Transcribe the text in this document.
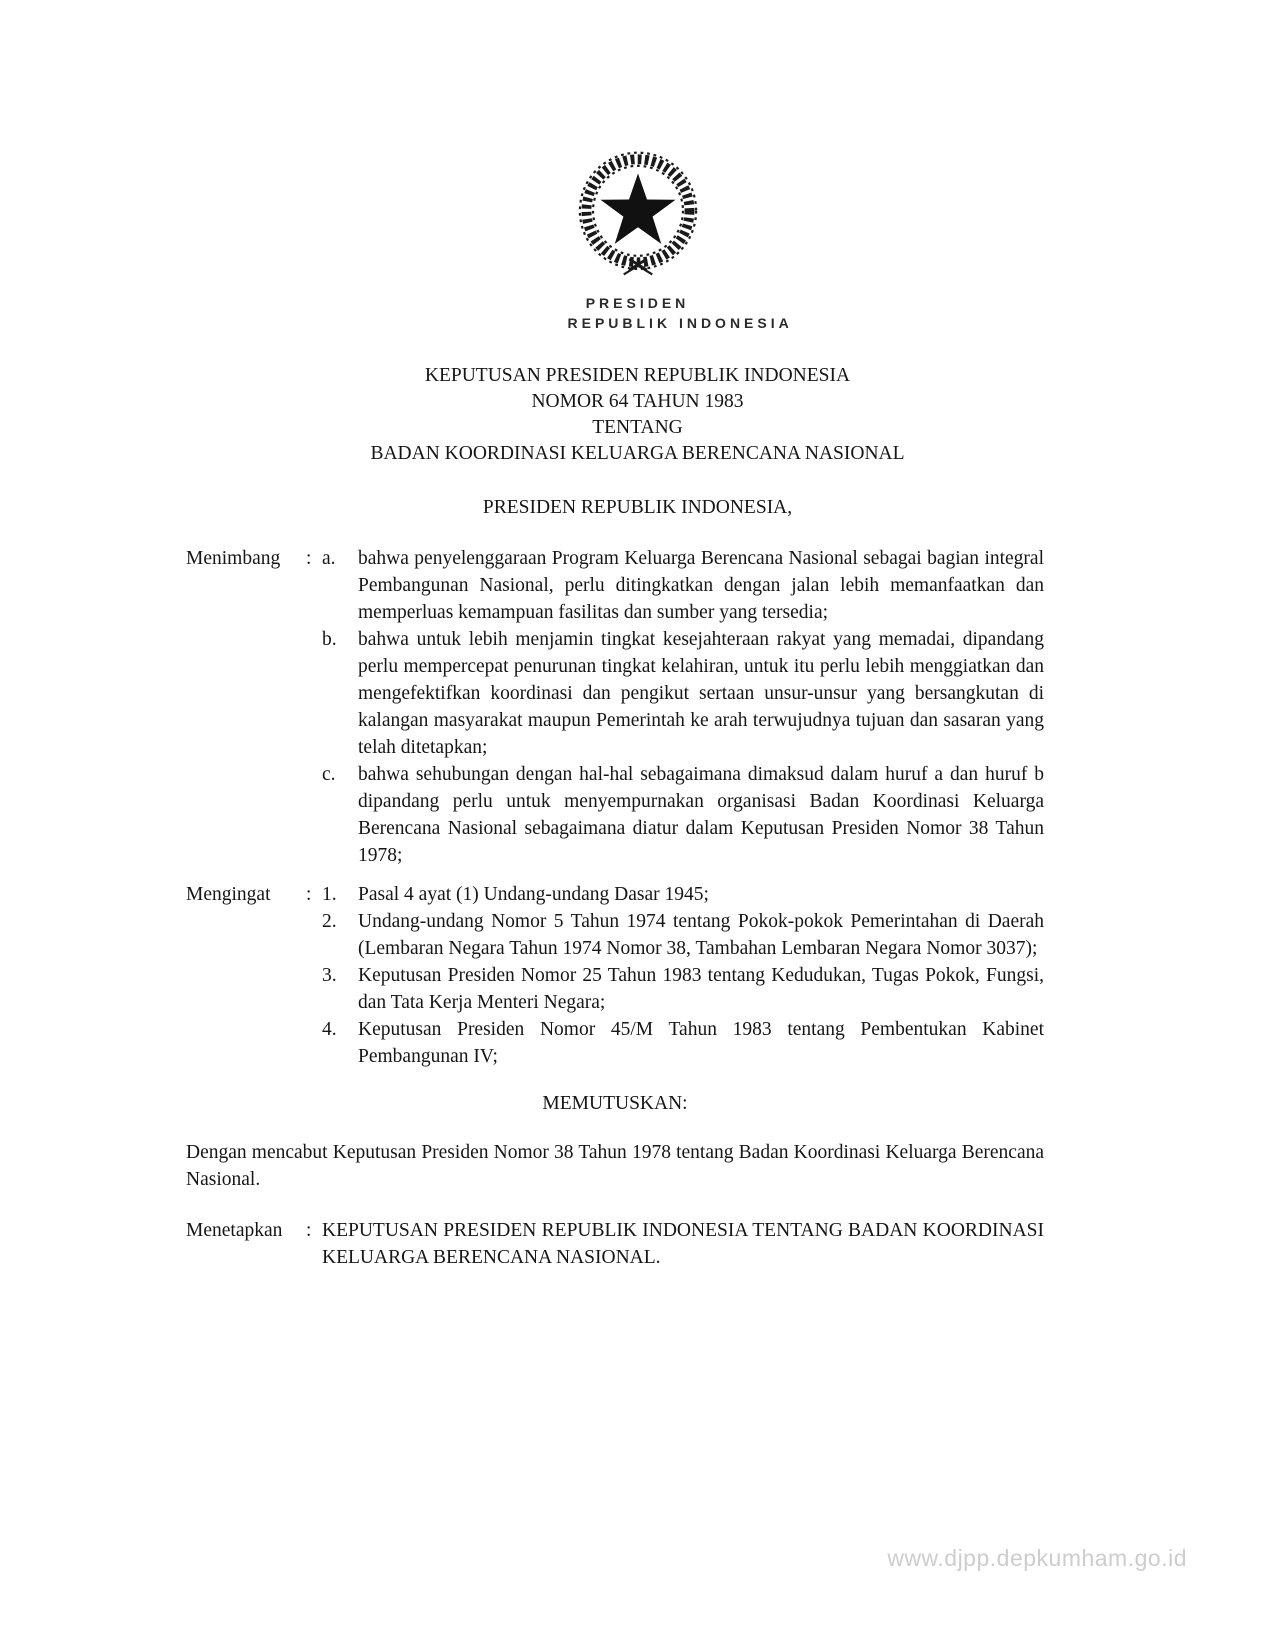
PRESIDEN
REPUBLIK INDONESIA
KEPUTUSAN PRESIDEN REPUBLIK INDONESIA
NOMOR 64 TAHUN 1983
TENTANG
BADAN KOORDINASI KELUARGA BERENCANA NASIONAL
PRESIDEN REPUBLIK INDONESIA,
Menimbang	: a.	bahwa penyelenggaraan Program Keluarga Berencana Nasional sebagai bagian integral Pembangunan Nasional, perlu ditingkatkan dengan jalan lebih memanfaatkan dan memperluas kemampuan fasilitas dan sumber yang tersedia;
b.	bahwa untuk lebih menjamin tingkat kesejahteraan rakyat yang memadai, dipandang perlu mempercepat penurunan tingkat kelahiran, untuk itu perlu lebih menggiatkan dan mengefektifkan koordinasi dan pengikut sertaan unsur-unsur yang bersangkutan di kalangan masyarakat maupun Pemerintah ke arah terwujudnya tujuan dan sasaran yang telah ditetapkan;
c.	bahwa sehubungan dengan hal-hal sebagaimana dimaksud dalam huruf a dan huruf b dipandang perlu untuk menyempurnakan organisasi Badan Koordinasi Keluarga Berencana Nasional sebagaimana diatur dalam Keputusan Presiden Nomor 38 Tahun 1978;
Mengingat	: 1.	Pasal 4 ayat (1) Undang-undang Dasar 1945;
2.	Undang-undang Nomor 5 Tahun 1974 tentang Pokok-pokok Pemerintahan di Daerah (Lembaran Negara Tahun 1974 Nomor 38, Tambahan Lembaran Negara Nomor 3037);
3.	Keputusan Presiden Nomor 25 Tahun 1983 tentang Kedudukan, Tugas Pokok, Fungsi, dan Tata Kerja Menteri Negara;
4.	Keputusan Presiden Nomor 45/M Tahun 1983 tentang Pembentukan Kabinet Pembangunan IV;
MEMUTUSKAN:

Dengan mencabut Keputusan Presiden Nomor 38 Tahun 1978 tentang Badan Koordinasi Keluarga Berencana Nasional.

Menetapkan	: KEPUTUSAN PRESIDEN REPUBLIK INDONESIA TENTANG BADAN KOORDINASI KELUARGA BERENCANA NASIONAL.
www.djpp.depkumham.go.id
